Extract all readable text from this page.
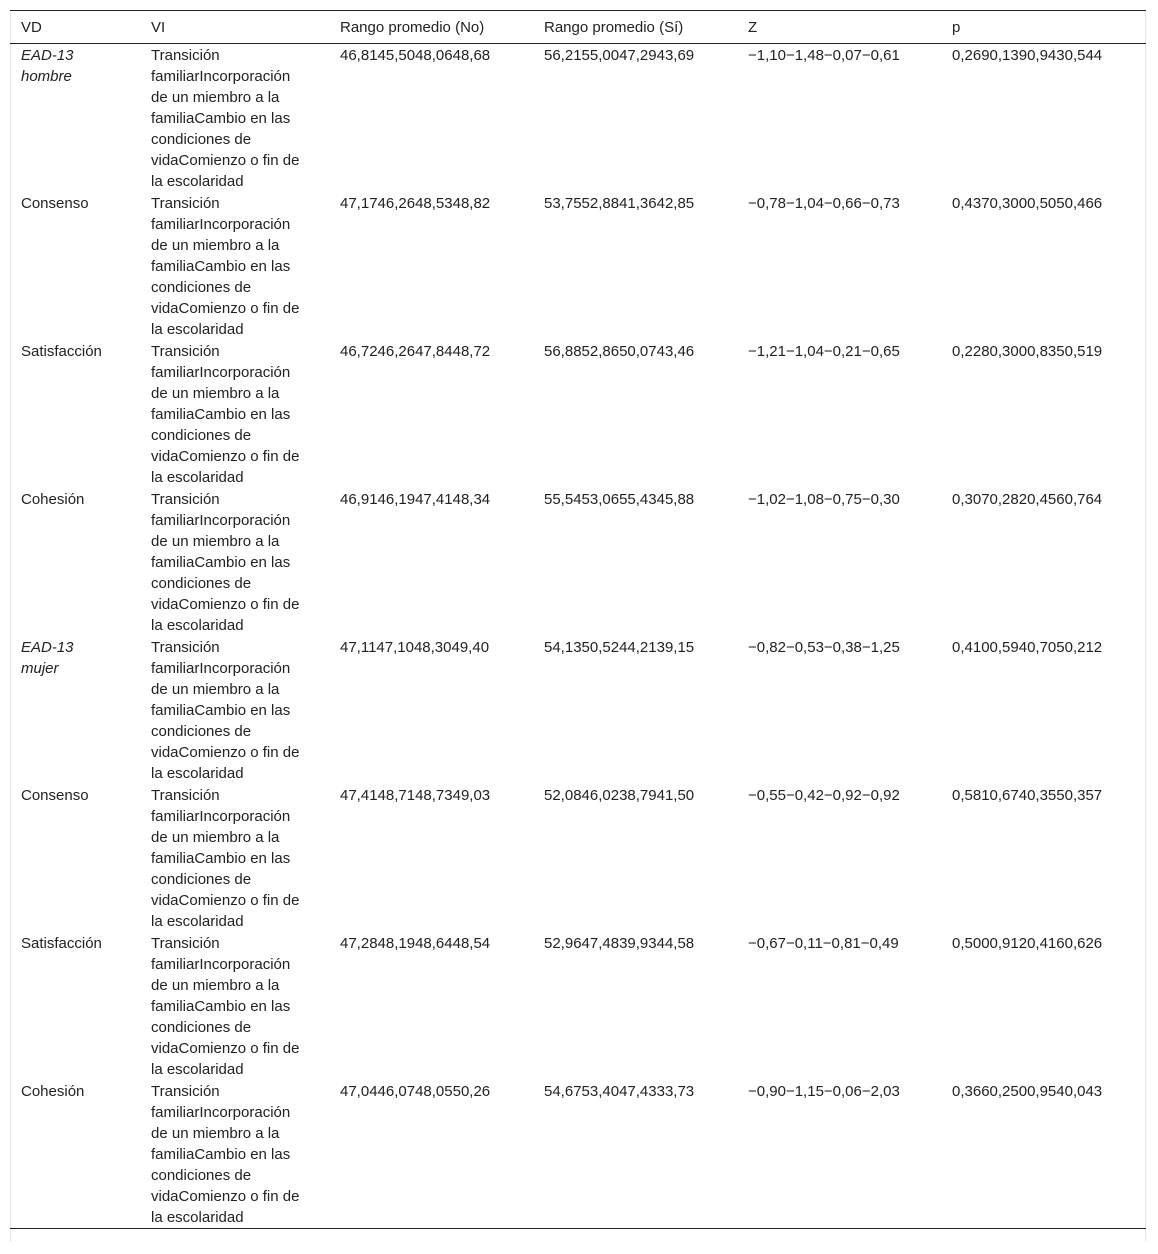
VD	VI	Rango promedio (No)	Rango promedio (Sí)	Z	p

EAD-13 hombre	Transición familiarIncorporación de un miembro a la familiaCambio en las condiciones de vidaComienzo o fin de la escolaridad	46,8145,5048,0648,68	56,2155,0047,2943,69	−1,10−1,48−0,07−0,61	0,2690,1390,9430,544

Consenso	Transición familiarIncorporación de un miembro a la familiaCambio en las condiciones de vidaComienzo o fin de la escolaridad	47,1746,2648,5348,82	53,7552,8841,3642,85	−0,78−1,04−0,66−0,73	0,4370,3000,5050,466

Satisfacción	Transición familiarIncorporación de un miembro a la familiaCambio en las condiciones de vidaComienzo o fin de la escolaridad	46,7246,2647,8448,72	56,8852,8650,0743,46	−1,21−1,04−0,21−0,65	0,2280,3000,8350,519

Cohesión	Transición familiarIncorporación de un miembro a la familiaCambio en las condiciones de vidaComienzo o fin de la escolaridad	46,9146,1947,4148,34	55,5453,0655,4345,88	−1,02−1,08−0,75−0,30	0,3070,2820,4560,764

EAD-13 mujer	Transición familiarIncorporación de un miembro a la familiaCambio en las condiciones de vidaComienzo o fin de la escolaridad	47,1147,1048,3049,40	54,1350,5244,2139,15	−0,82−0,53−0,38−1,25	0,4100,5940,7050,212

Consenso	Transición familiarIncorporación de un miembro a la familiaCambio en las condiciones de vidaComienzo o fin de la escolaridad	47,4148,7148,7349,03	52,0846,0238,7941,50	−0,55−0,42−0,92−0,92	0,5810,6740,3550,357

Satisfacción	Transición familiarIncorporación de un miembro a la familiaCambio en las condiciones de vidaComienzo o fin de la escolaridad	47,2848,1948,6448,54	52,9647,4839,9344,58	−0,67−0,11−0,81−0,49	0,5000,9120,4160,626

Cohesión	Transición familiarIncorporación de un miembro a la familiaCambio en las condiciones de vidaComienzo o fin de la escolaridad	47,0446,0748,0550,26	54,6753,4047,4333,73	−0,90−1,15−0,06−2,03	0,3660,2500,9540,043
